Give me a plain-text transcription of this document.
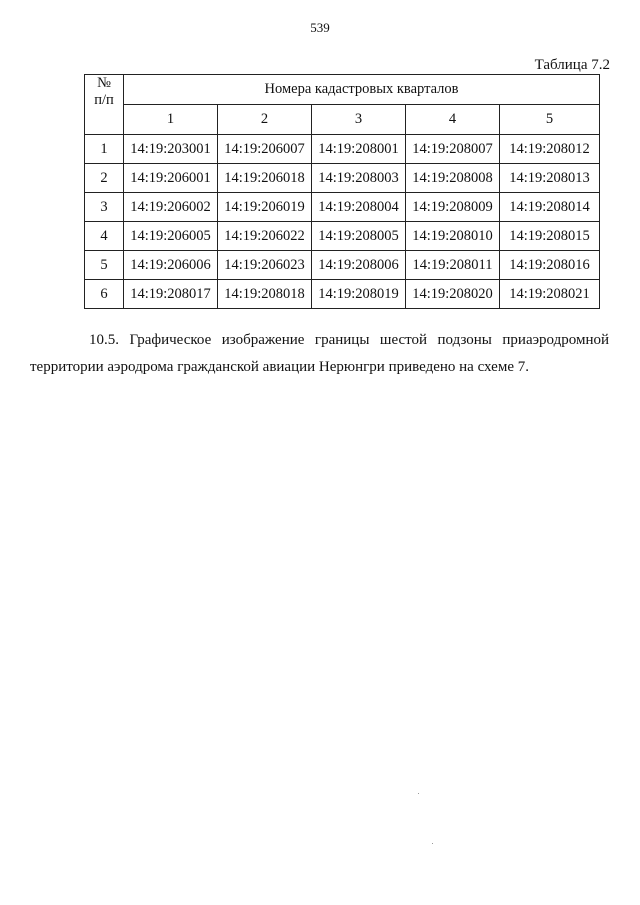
539
Таблица 7.2
№
п/п	Номера кадастровых кварталов				
	1	2	3	4	5
1	14:19:203001	14:19:206007	14:19:208001	14:19:208007	14:19:208012
2	14:19:206001	14:19:206018	14:19:208003	14:19:208008	14:19:208013
3	14:19:206002	14:19:206019	14:19:208004	14:19:208009	14:19:208014
4	14:19:206005	14:19:206022	14:19:208005	14:19:208010	14:19:208015
5	14:19:206006	14:19:206023	14:19:208006	14:19:208011	14:19:208016
6	14:19:208017	14:19:208018	14:19:208019	14:19:208020	14:19:208021

10.5. Графическое изображение границы шестой подзоны приаэродромной
территории аэродрома гражданской авиации Нерюнгри приведено на схеме 7.
